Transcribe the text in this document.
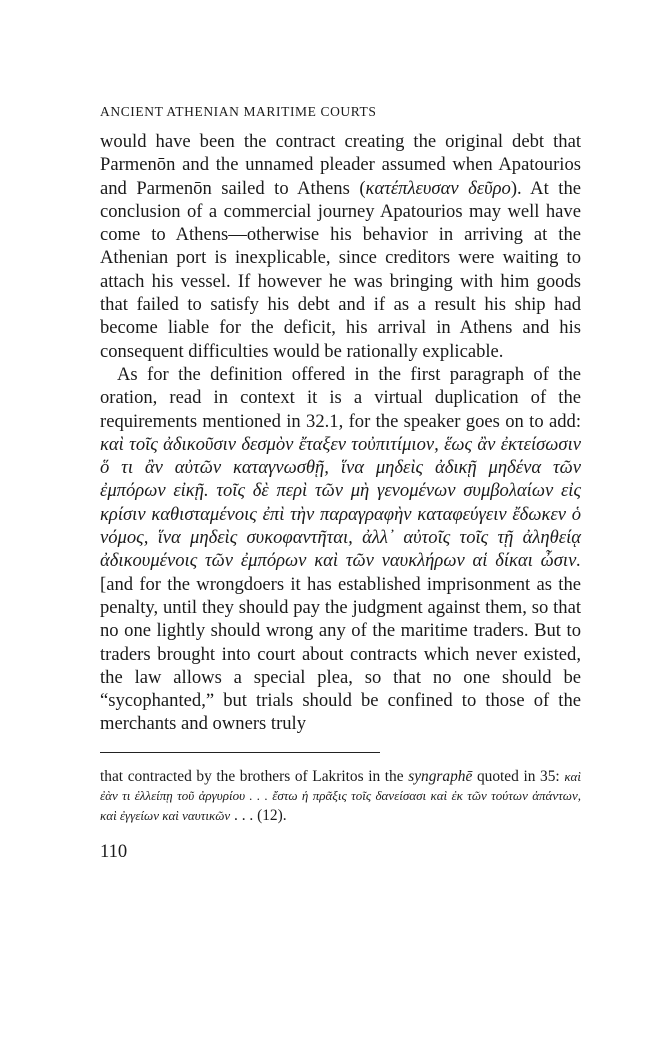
ANCIENT ATHENIAN MARITIME COURTS

would have been the contract creating the original debt that Parmenōn and the unnamed pleader assumed when Apatourios and Parmenōn sailed to Athens (κατέπλευσαν δεῦρο). At the conclusion of a commercial journey Apatourios may well have come to Athens—otherwise his behavior in arriving at the Athenian port is inexplicable, since creditors were waiting to attach his vessel. If however he was bringing with him goods that failed to satisfy his debt and if as a result his ship had become liable for the deficit, his arrival in Athens and his consequent difficulties would be rationally explicable.

As for the definition offered in the first paragraph of the oration, read in context it is a virtual duplication of the requirements mentioned in 32.1, for the speaker goes on to add: καὶ τοῖς ἀδικοῦσιν δεσμὸν ἔταξεν τοὐπιτίμιον, ἕως ἂν ἐκτείσωσιν ὅ τι ἂν αὐτῶν καταγνωσθῇ, ἵνα μηδεὶς ἀδικῇ μηδένα τῶν ἐμπόρων εἰκῇ. τοῖς δὲ περὶ τῶν μὴ γενομένων συμβολαίων εἰς κρίσιν καθισταμένοις ἐπὶ τὴν παραγραφὴν καταφεύγειν ἔδωκεν ὁ νόμος, ἵνα μηδεὶς συκοφαντῆται, ἀλλ᾽ αὐτοῖς τοῖς τῇ ἀληθείᾳ ἀδικουμένοις τῶν ἐμπόρων καὶ τῶν ναυκλήρων αἱ δίκαι ὦσιν. [and for the wrongdoers it has established imprisonment as the penalty, until they should pay the judgment against them, so that no one lightly should wrong any of the maritime traders. But to traders brought into court about contracts which never existed, the law allows a special plea, so that no one should be “sycophanted,” but trials should be confined to those of the merchants and owners truly

that contracted by the brothers of Lakritos in the syngraphē quoted in 35: καὶ ἐὰν τι ἐλλείπῃ τοῦ ἀργυρίου . . . ἔστω ἡ πρᾶξις τοῖς δανείσασι καὶ ἐκ τῶν τούτων ἀπάντων, καὶ ἐγγείων καὶ ναυτικῶν . . . (12).

110
